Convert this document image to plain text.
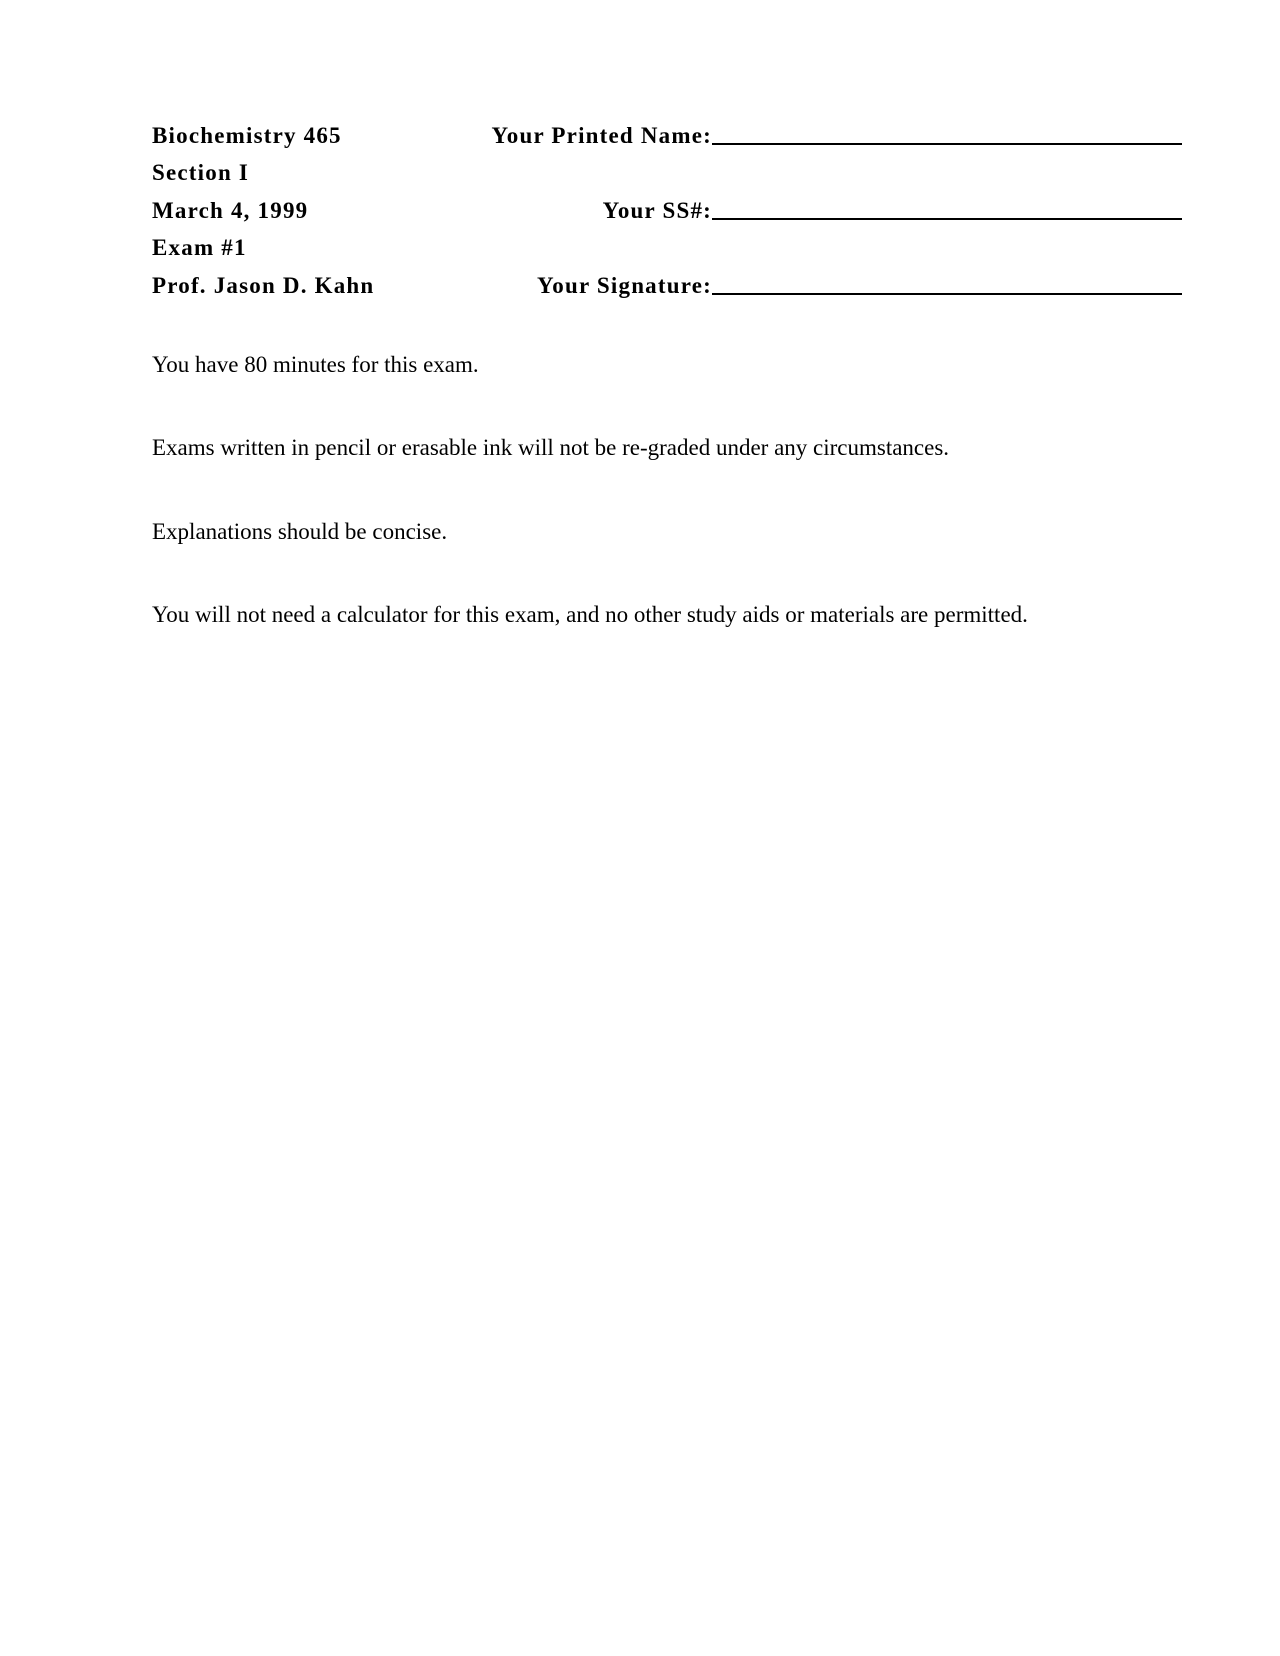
Biochemistry 465	Your Printed Name:
Section I
March 4, 1999	Your SS#:
Exam #1
Prof. Jason D. Kahn	Your Signature:
You have 80 minutes for this exam.
Exams written in pencil or erasable ink will not be re-graded under any circumstances.
Explanations should be concise.
You will not need a calculator for this exam, and no other study aids or materials are permitted.
